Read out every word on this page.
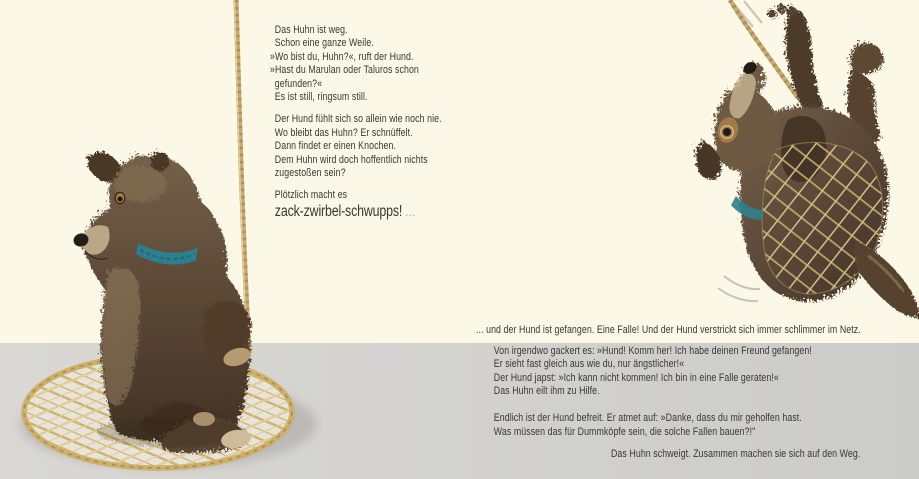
Das Huhn ist weg.
Schon eine ganze Weile.
»Wo bist du, Huhn?«, ruft der Hund.
»Hast du Marulan oder Taluros schon
gefunden?«
Es ist still, ringsum still.
Der Hund fühlt sich so allein wie noch nie.
Wo bleibt das Huhn? Er schnüffelt.
Dann findet er einen Knochen.
Dem Huhn wird doch hoffentlich nichts
zugestoßen sein?
Plötzlich macht es
zack-zwirbel-schwupps! ...
... und der Hund ist gefangen. Eine Falle! Und der Hund verstrickt sich immer schlimmer im Netz.
Von irgendwo gackert es: »Hund! Komm her! Ich habe deinen Freund gefangen!
Er sieht fast gleich aus wie du, nur ängstlicher!«
Der Hund japst: »Ich kann nicht kommen! Ich bin in eine Falle geraten!«
Das Huhn eilt ihm zu Hilfe.
Endlich ist der Hund befreit. Er atmet auf: »Danke, dass du mir geholfen hast.
Was müssen das für Dummköpfe sein, die solche Fallen bauen?!"
Das Huhn schweigt. Zusammen machen sie sich auf den Weg.
